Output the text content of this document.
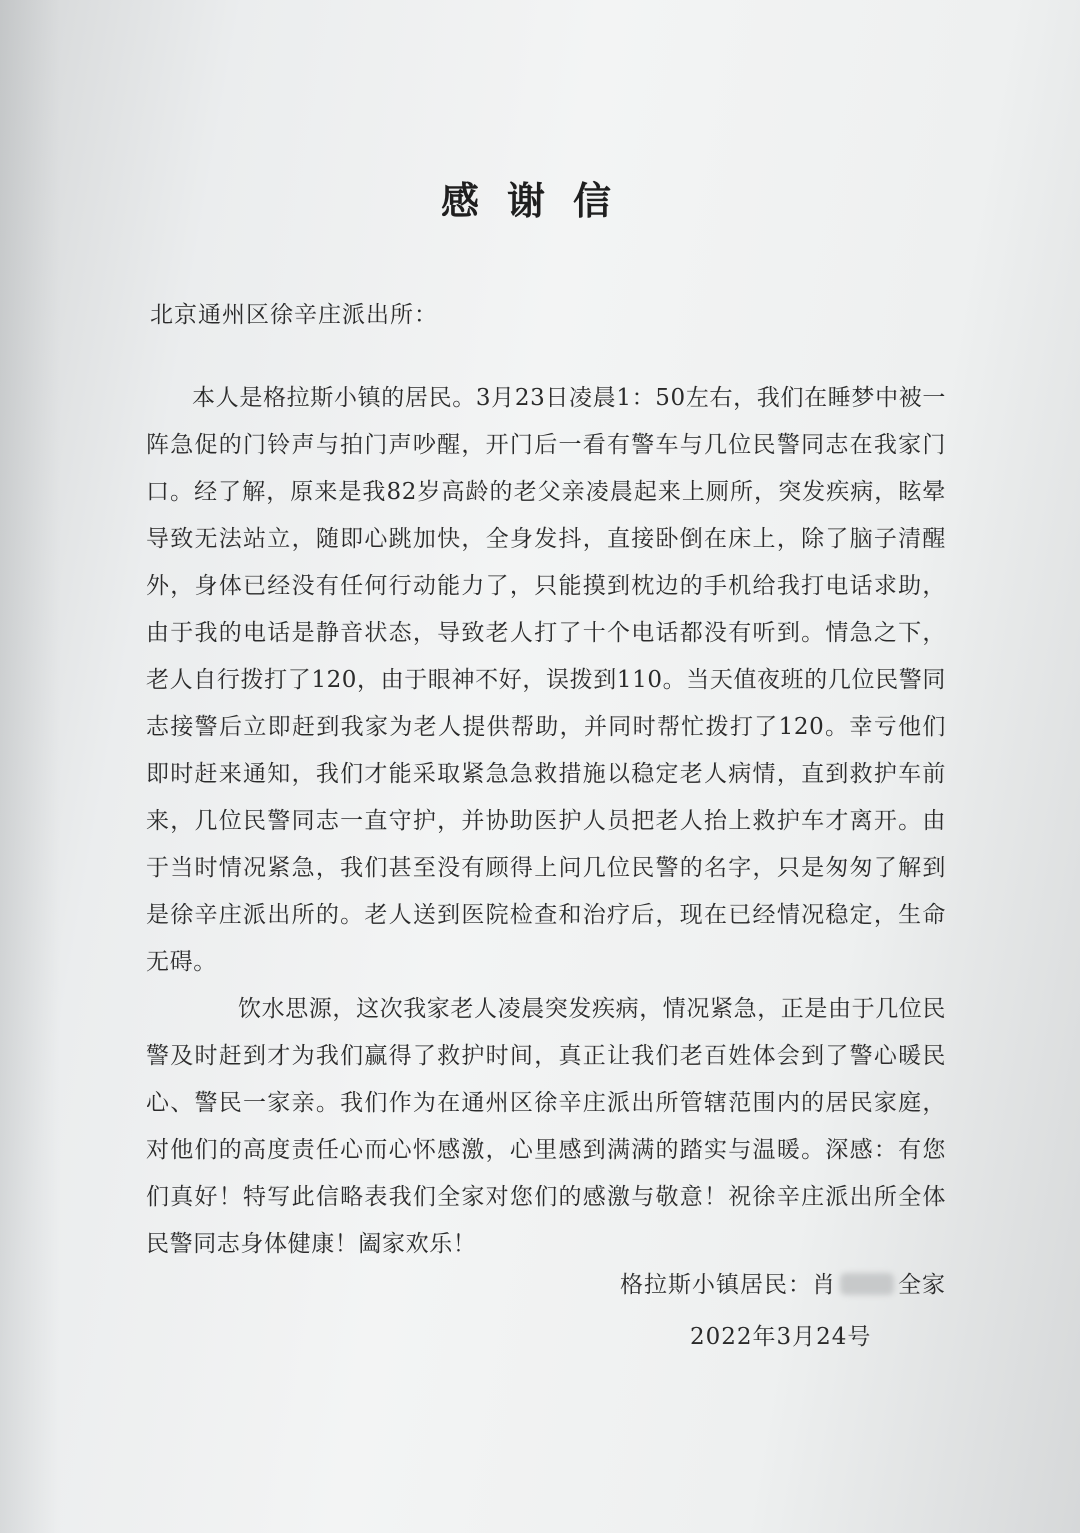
感谢信
北京通州区徐辛庄派出所：

本人是格拉斯小镇的居民。3月23日凌晨1：50左右，我们在睡梦中被一阵急促的门铃声与拍门声吵醒，开门后一看有警车与几位民警同志在我家门口。经了解，原来是我82岁高龄的老父亲凌晨起来上厕所，突发疾病，眩晕导致无法站立，随即心跳加快，全身发抖，直接卧倒在床上，除了脑子清醒外，身体已经没有任何行动能力了，只能摸到枕边的手机给我打电话求助，由于我的电话是静音状态，导致老人打了十个电话都没有听到。情急之下，老人自行拨打了120，由于眼神不好，误拨到110。当天值夜班的几位民警同志接警后立即赶到我家为老人提供帮助，并同时帮忙拨打了120。幸亏他们即时赶来通知，我们才能采取紧急急救措施以稳定老人病情，直到救护车前来，几位民警同志一直守护，并协助医护人员把老人抬上救护车才离开。由于当时情况紧急，我们甚至没有顾得上问几位民警的名字，只是匆匆了解到是徐辛庄派出所的。老人送到医院检查和治疗后，现在已经情况稳定，生命无碍。

饮水思源，这次我家老人凌晨突发疾病，情况紧急，正是由于几位民警及时赶到才为我们赢得了救护时间，真正让我们老百姓体会到了警心暖民心、警民一家亲。我们作为在通州区徐辛庄派出所管辖范围内的居民家庭，对他们的高度责任心而心怀感激，心里感到满满的踏实与温暖。深感：有您们真好！特写此信略表我们全家对您们的感激与敬意！祝徐辛庄派出所全体民警同志身体健康！阖家欢乐！

格拉斯小镇居民：肖	全家
2022年3月24号
